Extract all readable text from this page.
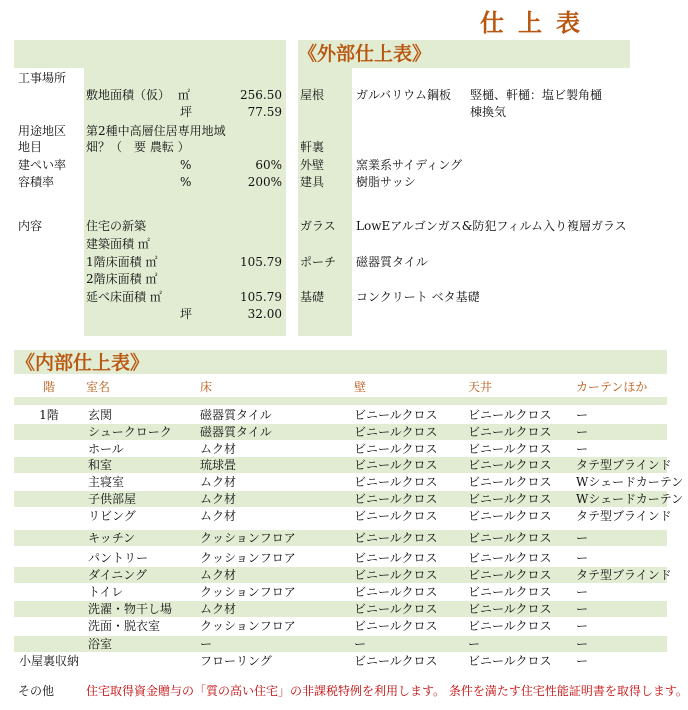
仕上表
工事場所
敷地面積（仮） ㎡	256.50
坪	77.59
用途地区 第2種中高層住居専用地域
地目	畑？（　要 農転 ）
建ぺい率	%	60%
容積率	%	200%
内容	住宅の新築
建築面積 ㎡
1階床面積 ㎡	105.79
2階床面積 ㎡
延べ床面積 ㎡	105.79
坪	32.00
《外部仕上表》
屋根	ガルバリウム鋼板 竪樋、軒樋：塩ビ製角樋
棟換気
軒裏
外壁	窯業系サイディング
建具	樹脂サッシ
ガラス LowEアルゴンガス&防犯フィルム入り複層ガラス
ポーチ 磁器質タイル
基礎	コンクリート ベタ基礎
《内部仕上表》
階	室名	床	壁	天井	カーテンほか
1階	玄関	磁器質タイル	ビニールクロス	ビニールクロス	ー
シュークローク	磁器質タイル	ビニールクロス	ビニールクロス	ー
ホール	ムク材	ビニールクロス	ビニールクロス	ー
和室	琉球畳	ビニールクロス	ビニールクロス	タテ型ブラインド
主寝室	ムク材	ビニールクロス	ビニールクロス	Wシェードカーテン
子供部屋	ムク材	ビニールクロス	ビニールクロス	Wシェードカーテン
リビング	ムク材	ビニールクロス	ビニールクロス	タテ型ブラインド
キッチン	クッションフロア	ビニールクロス	ビニールクロス	ー
パントリー	クッションフロア	ビニールクロス	ビニールクロス	ー
ダイニング	ムク材	ビニールクロス	ビニールクロス	タテ型ブラインド
トイレ	クッションフロア	ビニールクロス	ビニールクロス	ー
洗濯・物干し場	ムク材	ビニールクロス	ビニールクロス	ー
洗面・脱衣室	クッションフロア	ビニールクロス	ビニールクロス	ー
浴室	ー	ー	ー	ー
小屋裏収納	フローリング	ビニールクロス	ビニールクロス	ー
その他	住宅取得資金贈与の「質の高い住宅」の非課税特例を利用します。 条件を満たす住宅性能証明書を取得します。
